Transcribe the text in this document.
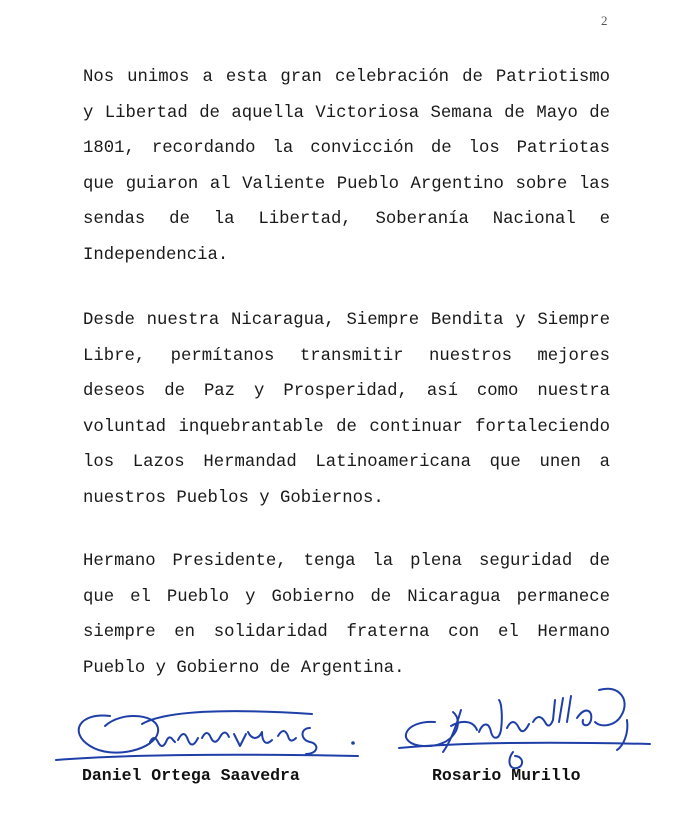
2

Nos unimos a esta gran celebración de Patriotismo y Libertad de aquella Victoriosa Semana de Mayo de 1801, recordando la convicción de los Patriotas que guiaron al Valiente Pueblo Argentino sobre las sendas de la Libertad, Soberanía Nacional e Independencia.

Desde nuestra Nicaragua, Siempre Bendita y Siempre Libre, permítanos transmitir nuestros mejores deseos de Paz y Prosperidad, así como nuestra voluntad inquebrantable de continuar fortaleciendo los Lazos Hermandad Latinoamericana que unen a nuestros Pueblos y Gobiernos.

Hermano Presidente, tenga la plena seguridad de que el Pueblo y Gobierno de Nicaragua permanece siempre en solidaridad fraterna con el Hermano Pueblo y Gobierno de Argentina.

Daniel Ortega Saavedra	Rosario Murillo
